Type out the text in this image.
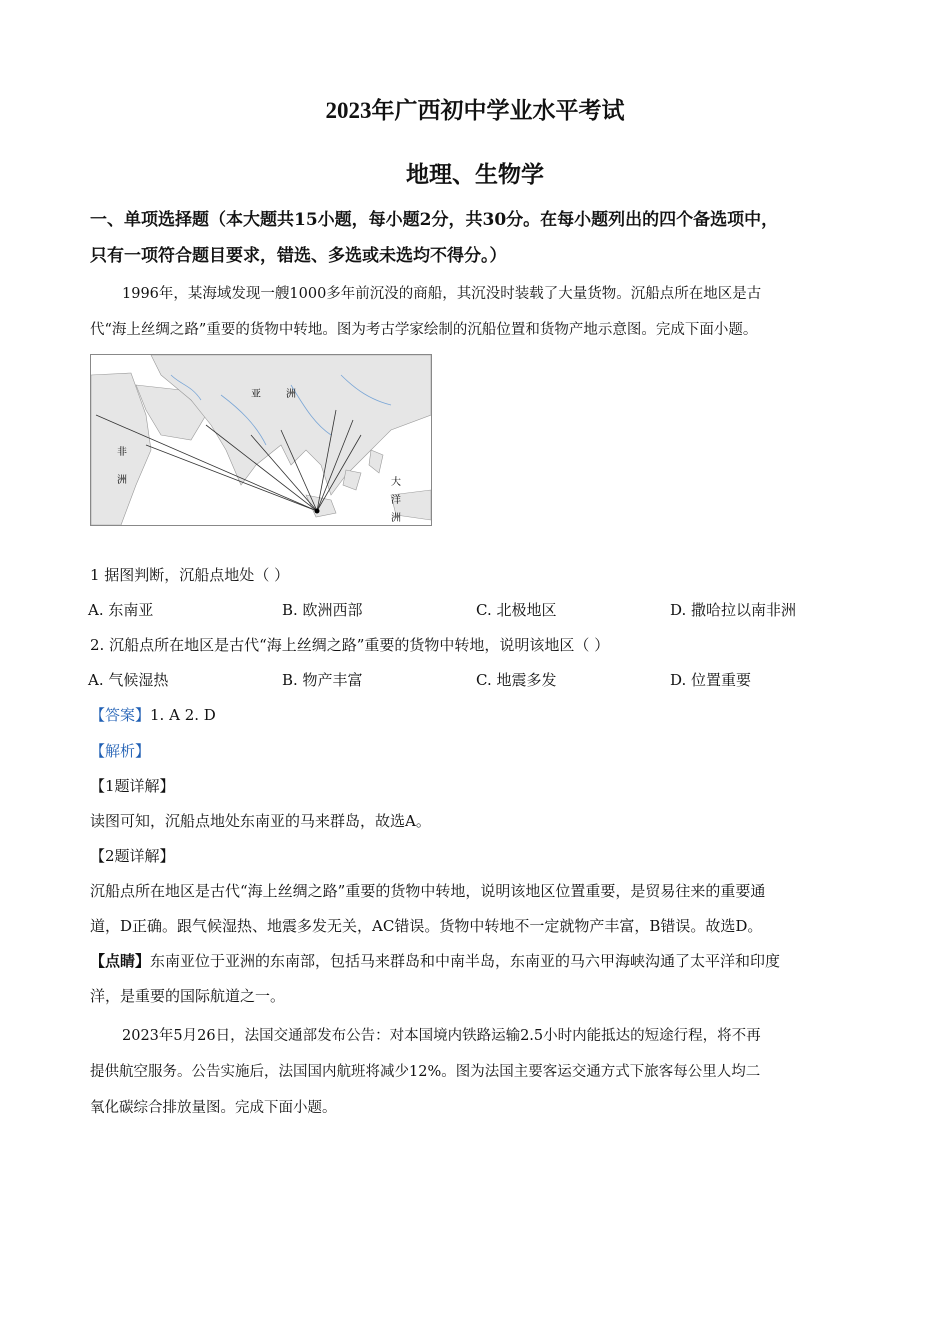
2023年广西初中学业水平考试
地理、生物学
一、单项选择题（本大题共15小题，每小题2分，共30分。在每小题列出的四个备选项中，
只有一项符合题目要求，错选、多选或未选均不得分。）
1996年，某海域发现一艘1000多年前沉没的商船，其沉没时装载了大量货物。沉船点所在地区是古
代“海上丝绸之路”重要的货物中转地。图为考古学家绘制的沉船位置和货物产地示意图。完成下面小题。
亚	洲
非
洲	大
洋
洲
1 据图判断，沉船点地处（ ）
A. 东南亚	B. 欧洲西部	C. 北极地区	D. 撒哈拉以南非洲
2. 沉船点所在地区是古代“海上丝绸之路”重要的货物中转地，说明该地区（ ）
A. 气候湿热	B. 物产丰富	C. 地震多发	D. 位置重要
【答案】1. A 2. D
【解析】
【1题详解】
读图可知，沉船点地处东南亚的马来群岛，故选A。
【2题详解】
沉船点所在地区是古代“海上丝绸之路”重要的货物中转地，说明该地区位置重要，是贸易往来的重要通
道，D正确。跟气候湿热、地震多发无关，AC错误。货物中转地不一定就物产丰富，B错误。故选D。
【点睛】东南亚位于亚洲的东南部，包括马来群岛和中南半岛，东南亚的马六甲海峡沟通了太平洋和印度
洋，是重要的国际航道之一。
2023年5月26日，法国交通部发布公告：对本国境内铁路运输2.5小时内能抵达的短途行程，将不再
提供航空服务。公告实施后，法国国内航班将减少12%。图为法国主要客运交通方式下旅客每公里人均二
氧化碳综合排放量图。完成下面小题。
